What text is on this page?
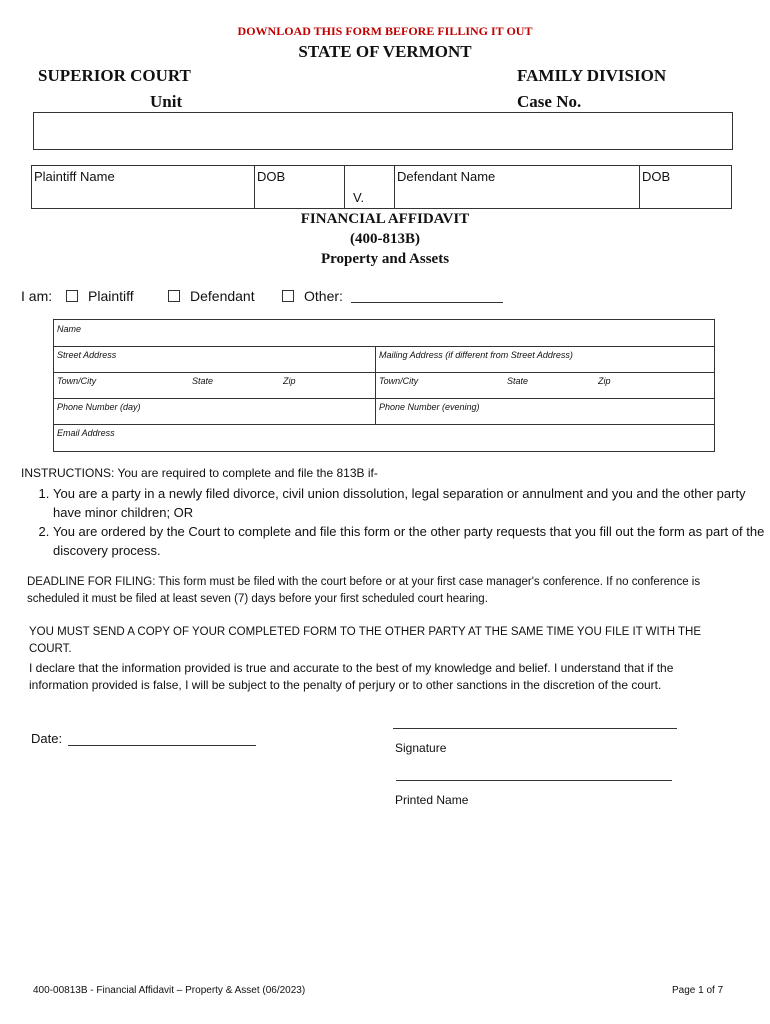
DOWNLOAD THIS FORM BEFORE FILLING IT OUT
STATE OF VERMONT
SUPERIOR COURT
Unit
FAMILY DIVISION
Case No.
Plaintiff Name	DOB
V.
Defendant Name	DOB
FINANCIAL AFFIDAVIT
(400-813B)
Property and Assets
I am:	Plaintiff	Defendant	Other:
Name
Street Address	Mailing Address (if different from Street Address)
Town/City	State	Zip	Town/City	State	Zip
Phone Number (day)	Phone Number (evening)
Email Address
INSTRUCTIONS: You are required to complete and file the 813B if-
1. You are a party in a newly filed divorce, civil union dissolution, legal separation or annulment and you and the other party have minor children; OR
2. You are ordered by the Court to complete and file this form or the other party requests that you fill out the form as part of the discovery process.
DEADLINE FOR FILING: This form must be filed with the court before or at your first case manager's conference. If no conference is scheduled it must be filed at least seven (7) days before your first scheduled court hearing.
YOU MUST SEND A COPY OF YOUR COMPLETED FORM TO THE OTHER PARTY AT THE SAME TIME YOU FILE IT WITH THE COURT.
I declare that the information provided is true and accurate to the best of my knowledge and belief. I understand that if the information provided is false, I will be subject to the penalty of perjury or to other sanctions in the discretion of the court.
Date:
Signature
Printed Name
400-00813B - Financial Affidavit – Property & Asset (06/2023)	Page 1 of 7
